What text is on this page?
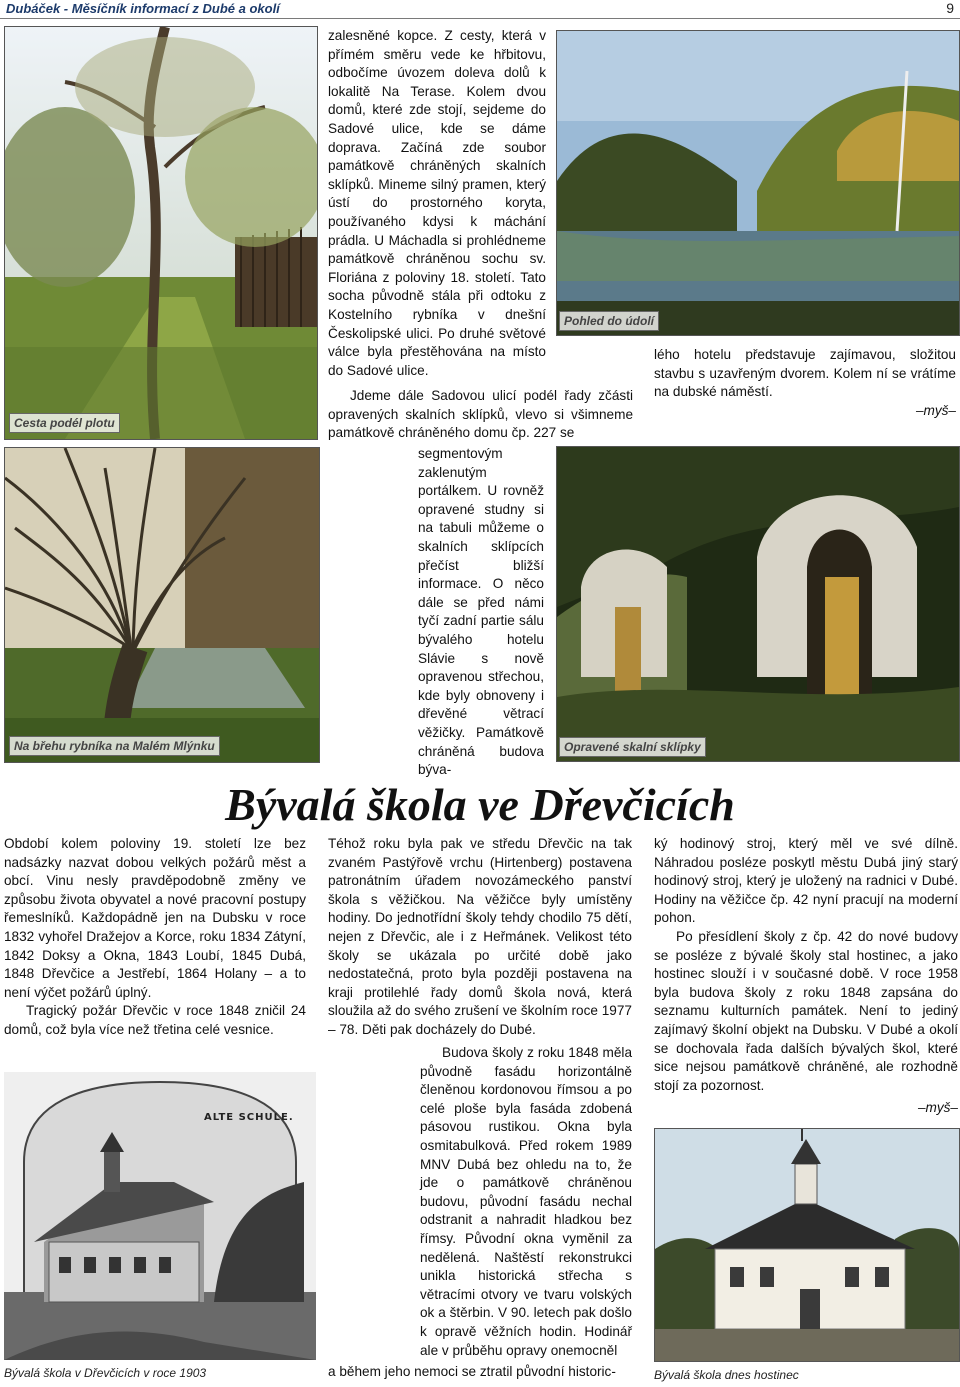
Dubáček - Měsíčník informací z Dubé a okolí	9
Cesta podél plotu
Pohled do údolí

zalesněné kopce. Z cesty, která v přímém směru vede ke hřbitovu, odbočíme úvozem doleva dolů k lokalitě Na Terase. Kolem dvou domů, které zde stojí, sejdeme do Sadové ulice, kde se dáme doprava. Začíná zde soubor památkově chráněných skalních sklípků. Mineme silný pramen, který ústí do prostorného koryta, používaného kdysi k máchání prádla. U Máchadla si prohlédneme památkově chráněnou sochu sv. Floriána z poloviny 18. století. Tato socha původně stála při odtoku z Kostelního rybníka v dnešní Českolipské ulici. Po druhé světové válce byla přestěhována na místo do Sadové ulice.

Jdeme dále Sadovou ulicí podél řady zčásti opravených skalních sklípků, vlevo si všimneme památkově chráněného domu čp. 227 se

lého hotelu představuje zajímavou, složitou stavbu s uzavřeným dvorem. Kolem ní se vrátíme na dubské náměstí.

–myš–
Na břehu rybníka na Malém Mlýnku

segmentovým zaklenutým portálkem. U rovněž opravené studny si na tabuli můžeme o skalních sklípcích přečíst bližší informace. O něco dále se před námi tyčí zadní partie sálu bývalého hotelu Slávie s nově opravenou střechou, kde byly obnoveny i dřevěné větrací věžičky. Památkově chráněná budova býva-

Opravené skalní sklípky
Bývalá škola ve Dřevčicích

Období kolem poloviny 19. století lze bez nadsázky nazvat dobou velkých požárů měst a obcí. Vinu nesly pravděpodobně změny ve způsobu života obyvatel a nové pracovní postupy řemeslníků. Každopádně jen na Dubsku v roce 1832 vyhořel Dražejov a Korce, roku 1834 Zátyní, 1842 Doksy a Okna, 1843 Loubí, 1845 Dubá, 1848 Dřevčice a Jestřebí, 1864 Holany – a to není výčet požárů úplný.

Tragický požár Dřevčic v roce 1848 zničil 24 domů, což byla více než třetina celé vesnice.

ALTE SCHULE.
Bývalá škola v Dřevčicích v roce 1903

Téhož roku byla pak ve středu Dřevčic na tak zvaném Pastýřově vrchu (Hirtenberg) postavena patronátním úřadem novozámeckého panství škola s věžičkou. Na věžičce byly umístěny hodiny. Do jednotřídní školy tehdy chodilo 75 dětí, nejen z Dřevčic, ale i z Heřmánek. Velikost této školy se ukázala po určité době jako nedostatečná, proto byla později postavena na kraji protilehlé řady domů škola nová, která sloužila až do svého zrušení ve školním roce 1977 – 78. Děti pak docházely do Dubé.

Budova školy z roku 1848 měla původně fasádu horizontálně členěnou kordonovou římsou a po celé ploše byla fasáda zdobená pásovou rustikou. Okna byla osmitabulková. Před rokem 1989 MNV Dubá bez ohledu na to, že jde o památkově chráněnou budovu, původní fasádu nechal odstranit a nahradit hladkou bez římsy. Původní okna vyměnil za nedělená. Naštěstí rekonstrukci unikla historická střecha s větracími otvory ve tvaru volských ok a štěrbin. V 90. letech pak došlo k opravě věžních hodin. Hodinář ale v průběhu opravy onemocněl

a během jeho nemoci se ztratil původní historic-

ký hodinový stroj, který měl ve své dílně. Náhradou posléze poskytl městu Dubá jiný starý hodinový stroj, který je uložený na radnici v Dubé. Hodiny na věžičce čp. 42 nyní pracují na moderní pohon.

Po přesídlení školy z čp. 42 do nové budovy se posléze z bývalé školy stal hostinec, a jako hostinec slouží i v současné době. V roce 1958 byla budova školy z roku 1848 zapsána do seznamu kulturních památek. Není to jediný zajímavý školní objekt na Dubsku. V Dubé a okolí se dochovala řada dalších bývalých škol, které sice nejsou památkově chráněné, ale rozhodně stojí za pozornost.

–myš–
Bývalá škola dnes hostinec
